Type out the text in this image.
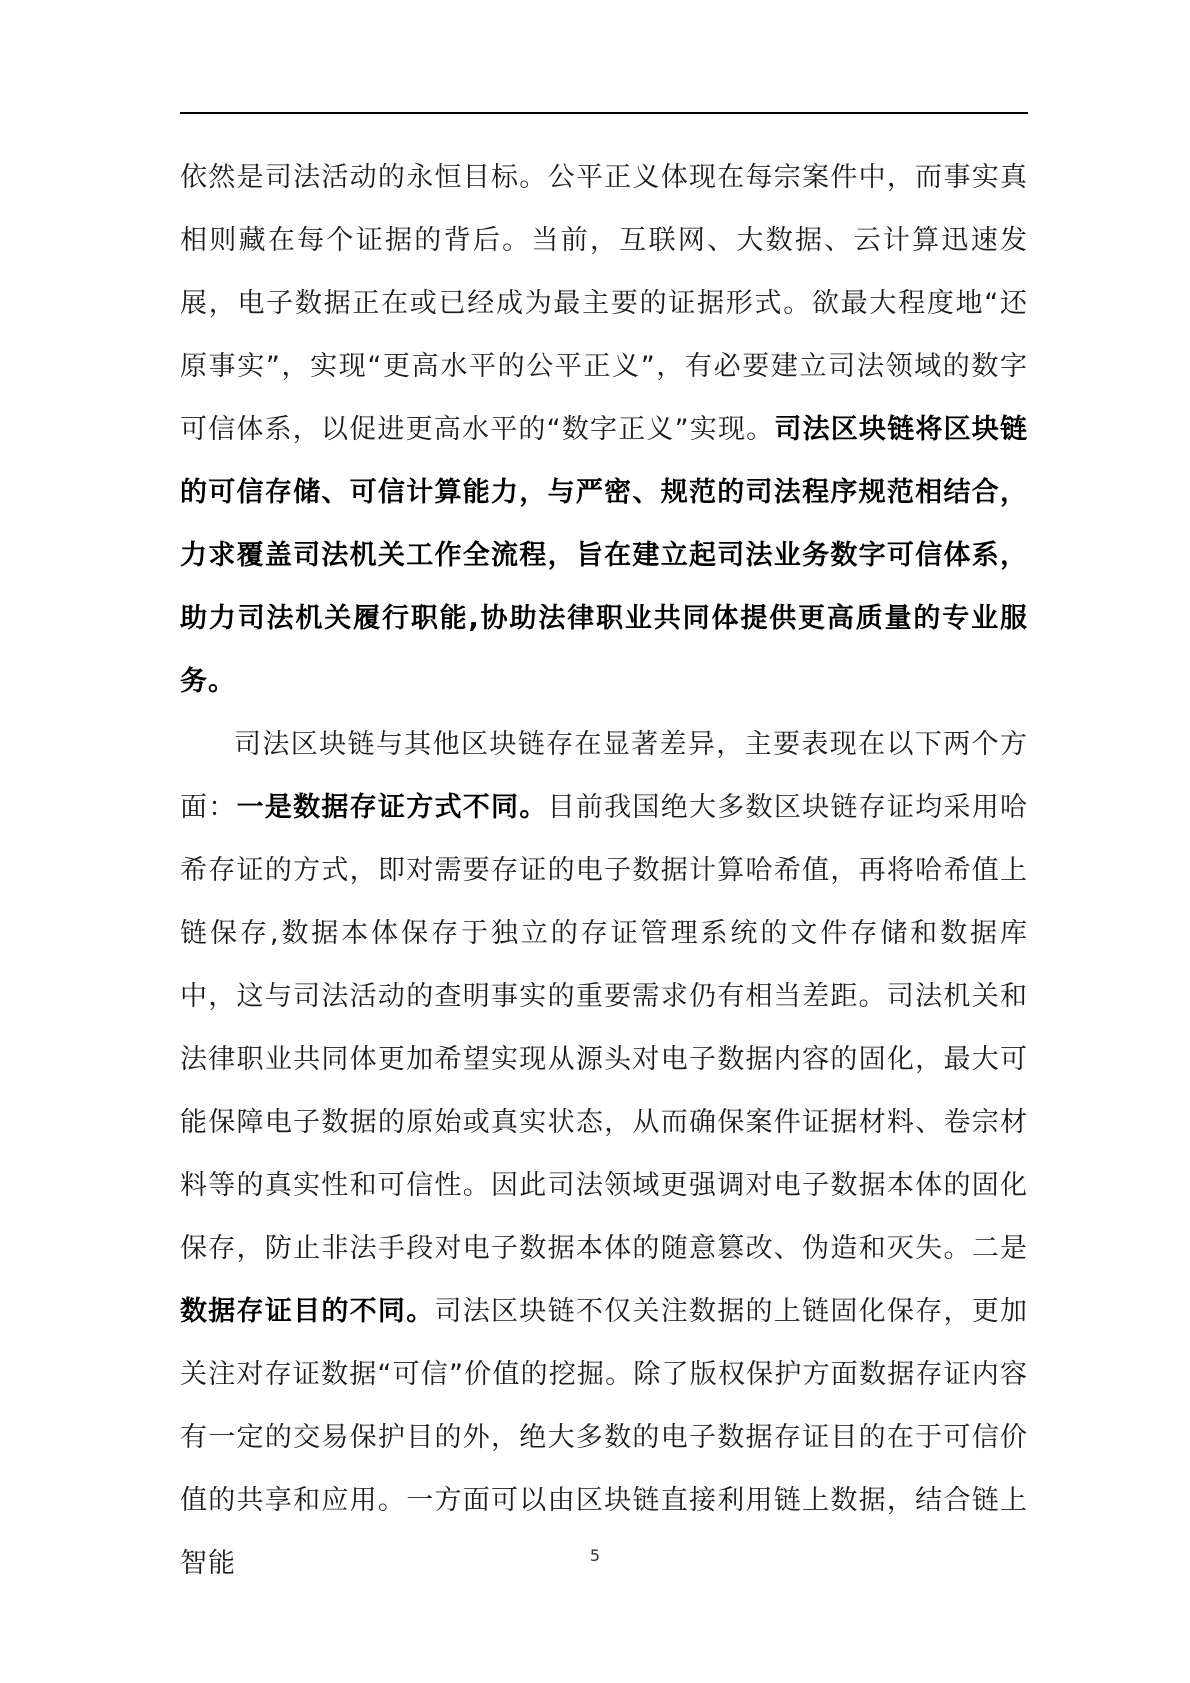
依然是司法活动的永恒目标。公平正义体现在每宗案件中，而事实真相则藏在每个证据的背后。当前，互联网、大数据、云计算迅速发展，电子数据正在或已经成为最主要的证据形式。欲最大程度地“还原事实”，实现“更高水平的公平正义”，有必要建立司法领域的数字可信体系，以促进更高水平的“数字正义”实现。司法区块链将区块链的可信存储、可信计算能力，与严密、规范的司法程序规范相结合，力求覆盖司法机关工作全流程，旨在建立起司法业务数字可信体系，助力司法机关履行职能,协助法律职业共同体提供更高质量的专业服务。

司法区块链与其他区块链存在显著差异，主要表现在以下两个方面：一是数据存证方式不同。目前我国绝大多数区块链存证均采用哈希存证的方式，即对需要存证的电子数据计算哈希值，再将哈希值上链保存,数据本体保存于独立的存证管理系统的文件存储和数据库中，这与司法活动的查明事实的重要需求仍有相当差距。司法机关和法律职业共同体更加希望实现从源头对电子数据内容的固化，最大可能保障电子数据的原始或真实状态，从而确保案件证据材料、卷宗材料等的真实性和可信性。因此司法领域更强调对电子数据本体的固化保存，防止非法手段对电子数据本体的随意篡改、伪造和灭失。二是数据存证目的不同。司法区块链不仅关注数据的上链固化保存，更加关注对存证数据“可信”价值的挖掘。除了版权保护方面数据存证内容有一定的交易保护目的外，绝大多数的电子数据存证目的在于可信价值的共享和应用。一方面可以由区块链直接利用链上数据，结合链上智能	5
